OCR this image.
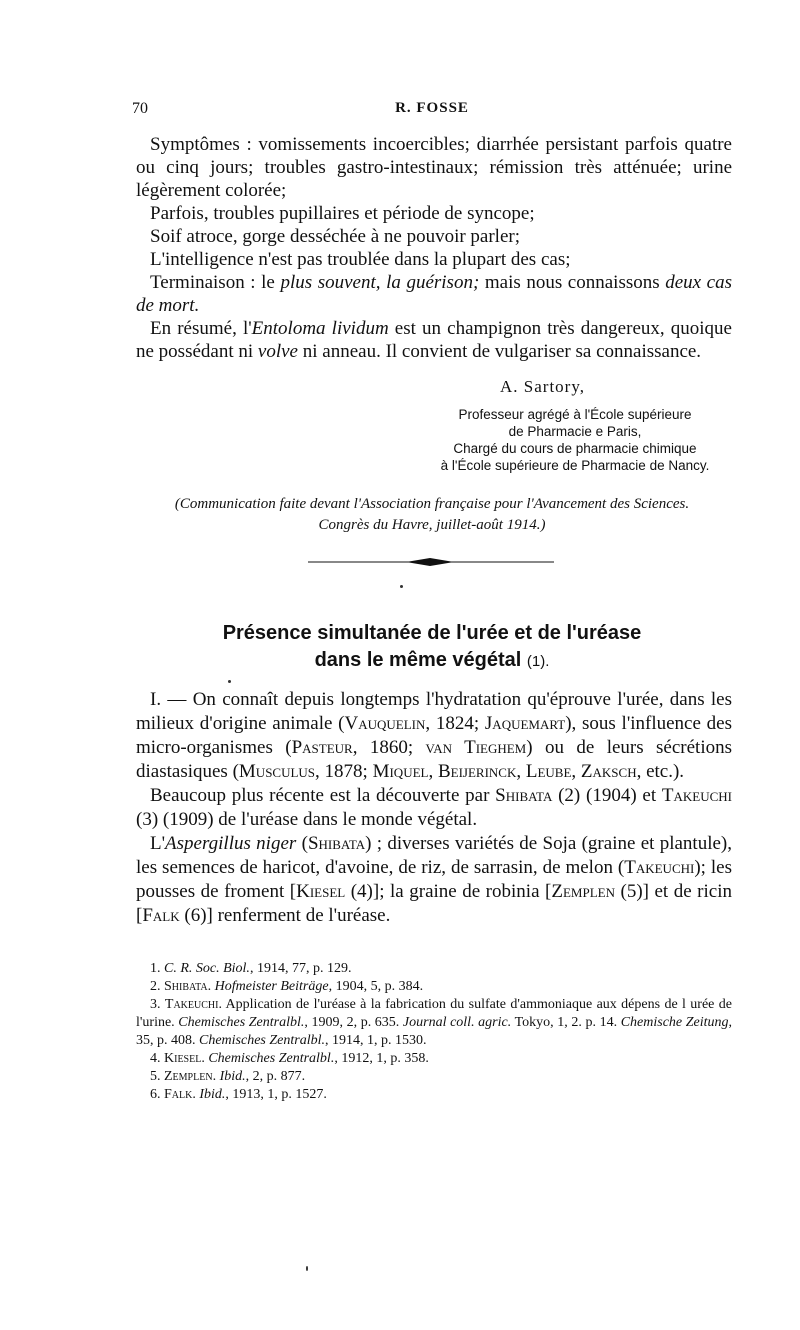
70	R. FOSSE

Symptômes : vomissements incoercibles; diarrhée persistant parfois quatre ou cinq jours; troubles gastro-intestinaux; rémission très atténuée; urine légèrement colorée;

Parfois, troubles pupillaires et période de syncope;

Soif atroce, gorge desséchée à ne pouvoir parler;

L'intelligence n'est pas troublée dans la plupart des cas;

Terminaison : le plus souvent, la guérison; mais nous connaissons deux cas de mort.

En résumé, l'Entoloma lividum est un champignon très dangereux, quoique ne possédant ni volve ni anneau. Il convient de vulgariser sa connaissance.

A. Sartory,
Professeur agrégé à l'École supérieure
de Pharmacie e Paris,
Chargé du cours de pharmacie chimique
à l'École supérieure de Pharmacie de Nancy.
(Communication faite devant l'Association française pour l'Avancement des Sciences.
Congrès du Havre, juillet-août 1914.)
Présence simultanée de l'urée et de l'uréase
dans le même végétal (1).

I. — On connaît depuis longtemps l'hydratation qu'éprouve l'urée, dans les milieux d'origine animale (Vauquelin, 1824; Jaquemart), sous l'influence des micro-organismes (Pasteur, 1860; van Tieghem) ou de leurs sécrétions diastasiques (Musculus, 1878; Miquel, Beijerinck, Leube, Zaksch, etc.).

Beaucoup plus récente est la découverte par Shibata (2) (1904) et Takeuchi (3) (1909) de l'uréase dans le monde végétal.

L'Aspergillus niger (Shibata) ; diverses variétés de Soja (graine et plantule), les semences de haricot, d'avoine, de riz, de sarrasin, de melon (Takeuchi); les pousses de froment [Kiesel (4)]; la graine de robinia [Zemplen (5)] et de ricin [Falk (6)] renferment de l'uréase.

1. C. R. Soc. Biol., 1914, 77, p. 129.

2. Shibata. Hofmeister Beiträge, 1904, 5, p. 384.

3. Takeuchi. Application de l'uréase à la fabrication du sulfate d'ammoniaque aux dépens de l urée de l'urine. Chemisches Zentralbl., 1909, 2, p. 635. Journal coll. agric. Tokyo, 1, 2. p. 14. Chemische Zeitung, 35, p. 408. Chemisches Zentralbl., 1914, 1, p. 1530.

4. Kiesel. Chemisches Zentralbl., 1912, 1, p. 358.

5. Zemplen. Ibid., 2, p. 877.

6. Falk. Ibid., 1913, 1, p. 1527.
